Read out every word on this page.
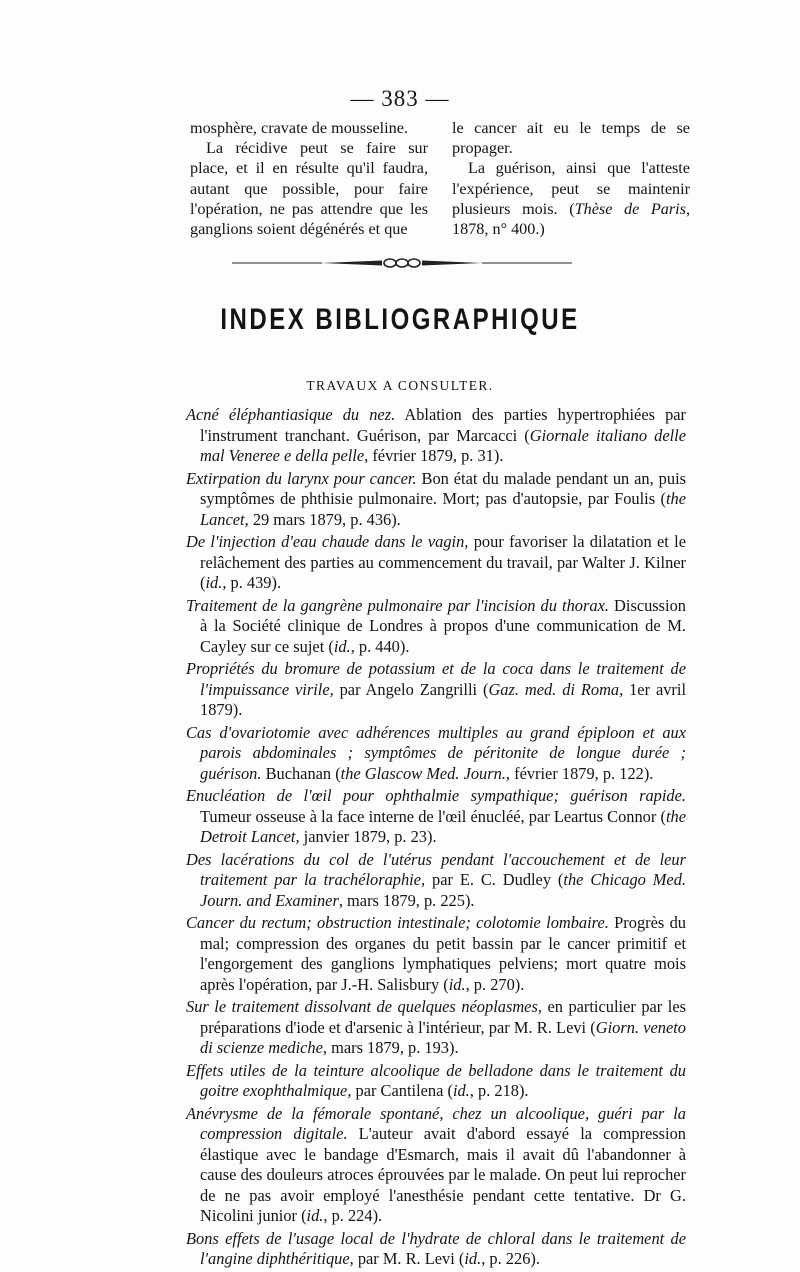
— 383 —

mosphère, cravate de mousseline.

La récidive peut se faire sur place, et il en résulte qu'il faudra, autant que possible, pour faire l'opération, ne pas attendre que les ganglions soient dégénérés et que

le cancer ait eu le temps de se propager.

La guérison, ainsi que l'atteste l'expérience, peut se maintenir plusieurs mois. (Thèse de Paris, 1878, n° 400.)

INDEX BIBLIOGRAPHIQUE
TRAVAUX A CONSULTER.

Acné éléphantiasique du nez. Ablation des parties hypertrophiées par l'instrument tranchant. Guérison, par Marcacci (Giornale italiano delle mal Veneree e della pelle, février 1879, p. 31).

Extirpation du larynx pour cancer. Bon état du malade pendant un an, puis symptômes de phthisie pulmonaire. Mort; pas d'autopsie, par Foulis (the Lancet, 29 mars 1879, p. 436).

De l'injection d'eau chaude dans le vagin, pour favoriser la dilatation et le relâchement des parties au commencement du travail, par Walter J. Kilner (id., p. 439).

Traitement de la gangrène pulmonaire par l'incision du thorax. Discussion à la Société clinique de Londres à propos d'une communication de M. Cayley sur ce sujet (id., p. 440).

Propriétés du bromure de potassium et de la coca dans le traitement de l'impuissance virile, par Angelo Zangrilli (Gaz. med. di Roma, 1er avril 1879).

Cas d'ovariotomie avec adhérences multiples au grand épiploon et aux parois abdominales ; symptômes de péritonite de longue durée ; guérison. Buchanan (the Glascow Med. Journ., février 1879, p. 122).

Enucléation de l'œil pour ophthalmie sympathique; guérison rapide. Tumeur osseuse à la face interne de l'œil énucléé, par Leartus Connor (the Detroit Lancet, janvier 1879, p. 23).

Des lacérations du col de l'utérus pendant l'accouchement et de leur traitement par la trachéloraphie, par E. C. Dudley (the Chicago Med. Journ. and Examiner, mars 1879, p. 225).

Cancer du rectum; obstruction intestinale; colotomie lombaire. Progrès du mal; compression des organes du petit bassin par le cancer primitif et l'engorgement des ganglions lymphatiques pelviens; mort quatre mois après l'opération, par J.-H. Salisbury (id., p. 270).

Sur le traitement dissolvant de quelques néoplasmes, en particulier par les préparations d'iode et d'arsenic à l'intérieur, par M. R. Levi (Giorn. veneto di scienze mediche, mars 1879, p. 193).

Effets utiles de la teinture alcoolique de belladone dans le traitement du goitre exophthalmique, par Cantilena (id., p. 218).

Anévrysme de la fémorale spontané, chez un alcoolique, guéri par la compression digitale. L'auteur avait d'abord essayé la compression élastique avec le bandage d'Esmarch, mais il avait dû l'abandonner à cause des douleurs atroces éprouvées par le malade. On peut lui reprocher de ne pas avoir employé l'anesthésie pendant cette tentative. Dr G. Nicolini junior (id., p. 224).

Bons effets de l'usage local de l'hydrate de chloral dans le traitement de l'angine diphthéritique, par M. R. Levi (id., p. 226).
